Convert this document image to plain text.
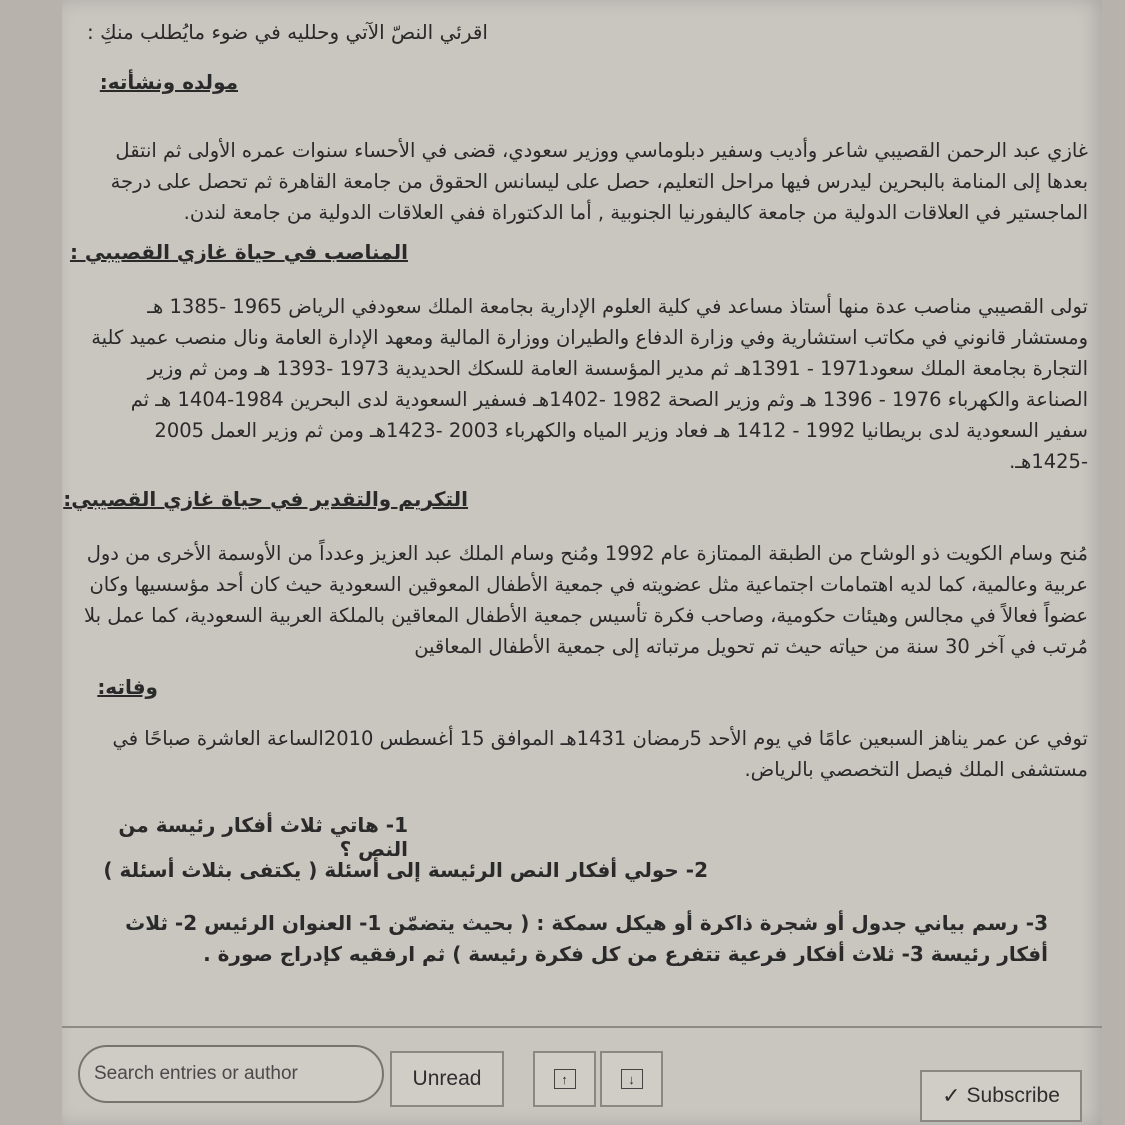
اقرئي النصّ الآتي وحلليه في ضوء مايُطلب منكِ :
مولده ونشأته:
غازي عبد الرحمن القصيبي شاعر وأديب وسفير دبلوماسي ووزير سعودي، قضى في الأحساء سنوات عمره الأولى ثم انتقل بعدها إلى المنامة بالبحرين ليدرس فيها مراحل التعليم، حصل على ليسانس الحقوق من جامعة القاهرة ثم تحصل على درجة الماجستير في العلاقات الدولية من جامعة كاليفورنيا الجنوبية , أما الدكتوراة ففي العلاقات الدولية من جامعة لندن.
المناصب في حياة غازي القصيبي :
تولى القصيبي مناصب عدة منها أستاذ مساعد في كلية العلوم الإدارية بجامعة الملك سعودفي الرياض 1965 -1385 هـ ومستشار قانوني في مكاتب استشارية وفي وزارة الدفاع والطيران ووزارة المالية ومعهد الإدارة العامة ونال منصب عميد كلية التجارة بجامعة الملك سعود1971 - 1391هـ ثم مدير المؤسسة العامة للسكك الحديدية 1973 -1393 هـ ومن ثم وزير الصناعة والكهرباء 1976 - 1396 هـ وثم وزير الصحة 1982 -1402هـ فسفير السعودية لدى البحرين 1984-1404 هـ ثم سفير السعودية لدى بريطانيا 1992 - 1412 هـ فعاد وزير المياه والكهرباء 2003 -1423هـ ومن ثم وزير العمل 2005 -1425هـ.
التكريم والتقدير في حياة غازي القصيبي:
مُنح وسام الكويت ذو الوشاح من الطبقة الممتازة عام 1992 ومُنح وسام الملك عبد العزيز وعدداً من الأوسمة الأخرى من دول عربية وعالمية، كما لديه اهتمامات اجتماعية مثل عضويته في جمعية الأطفال المعوقين السعودية حيث كان أحد مؤسسيها وكان عضواً فعالاً في مجالس وهيئات حكومية، وصاحب فكرة تأسيس جمعية الأطفال المعاقين بالملكة العربية السعودية، كما عمل بلا مُرتب في آخر 30 سنة من حياته حيث تم تحويل مرتباته إلى جمعية الأطفال المعاقين
وفاته:
توفي عن عمر يناهز السبعين عامًا في يوم الأحد 5رمضان 1431هـ الموافق 15 أغسطس 2010الساعة العاشرة صباحًا في مستشفى الملك فيصل التخصصي بالرياض.
1- هاتي ثلاث أفكار رئيسة من النص ؟
2- حولي أفكار النص الرئيسة إلى أسئلة ( يكتفى بثلاث أسئلة )
3- رسم بياني جدول أو شجرة ذاكرة أو هيكل سمكة : ( بحيث يتضمّن 1- العنوان الرئيس 2- ثلاث أفكار رئيسة 3- ثلاث أفكار فرعية تتفرع من كل فكرة رئيسة ) ثم ارفقيه كإدراج صورة .
Search entries or author
Unread	↑	↓
✓ Subscribe
